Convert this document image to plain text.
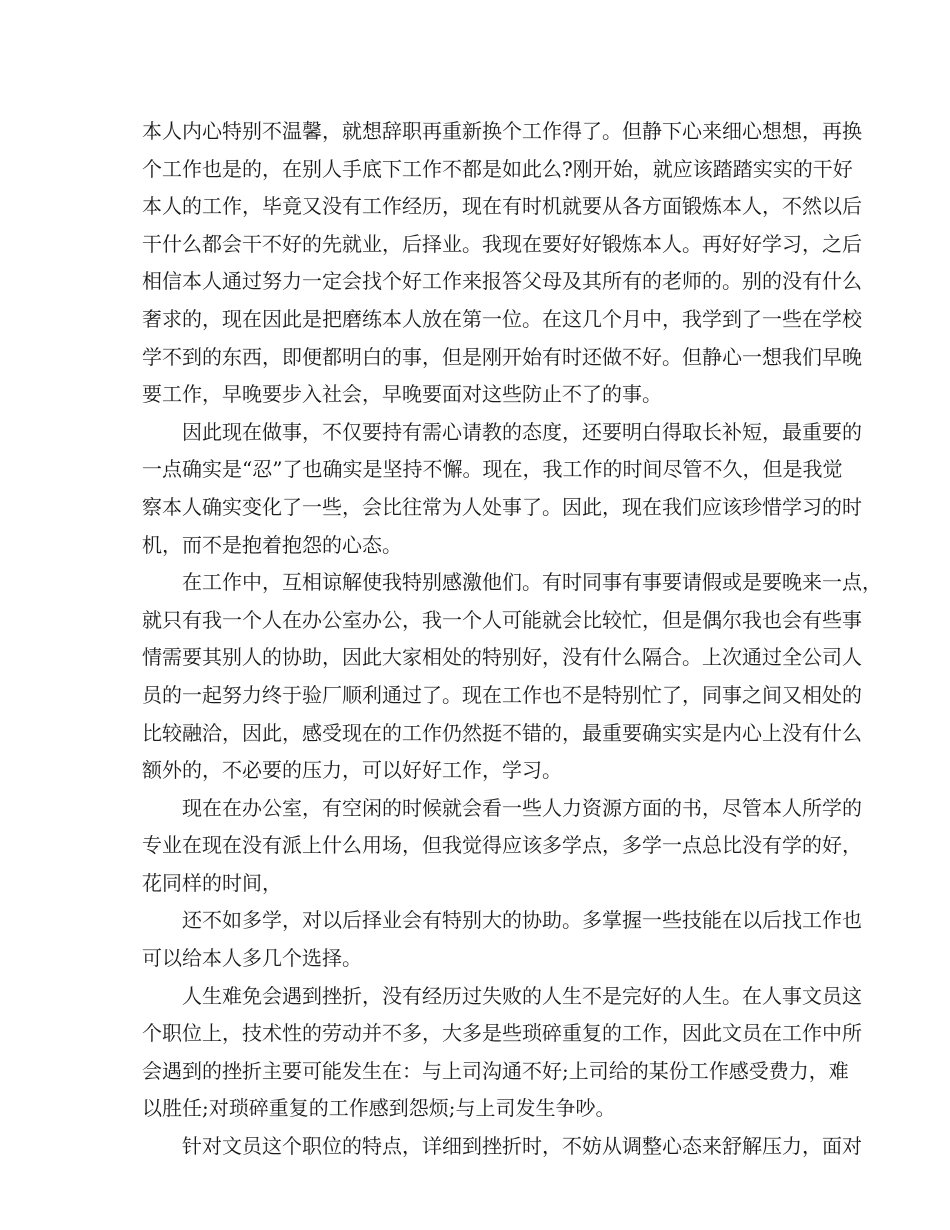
本人内心特别不温馨，就想辞职再重新换个工作得了。但静下心来细心想想，再换
个工作也是的，在别人手底下工作不都是如此么?刚开始，就应该踏踏实实的干好
本人的工作，毕竟又没有工作经历，现在有时机就要从各方面锻炼本人，不然以后
干什么都会干不好的先就业，后择业。我现在要好好锻炼本人。再好好学习，之后
相信本人通过努力一定会找个好工作来报答父母及其所有的老师的。别的没有什么
奢求的，现在因此是把磨练本人放在第一位。在这几个月中，我学到了一些在学校
学不到的东西，即便都明白的事，但是刚开始有时还做不好。但静心一想我们早晚
要工作，早晚要步入社会，早晚要面对这些防止不了的事。
因此现在做事，不仅要持有需心请教的态度，还要明白得取长补短，最重要的
一点确实是“忍”了也确实是坚持不懈。现在，我工作的时间尽管不久，但是我觉
察本人确实变化了一些，会比往常为人处事了。因此，现在我们应该珍惜学习的时
机，而不是抱着抱怨的心态。
在工作中，互相谅解使我特别感激他们。有时同事有事要请假或是要晚来一点，
就只有我一个人在办公室办公，我一个人可能就会比较忙，但是偶尔我也会有些事
情需要其别人的协助，因此大家相处的特别好，没有什么隔合。上次通过全公司人
员的一起努力终于验厂顺利通过了。现在工作也不是特别忙了，同事之间又相处的
比较融洽，因此，感受现在的工作仍然挺不错的，最重要确实实是内心上没有什么
额外的，不必要的压力，可以好好工作，学习。
现在在办公室，有空闲的时候就会看一些人力资源方面的书，尽管本人所学的
专业在现在没有派上什么用场，但我觉得应该多学点，多学一点总比没有学的好，
花同样的时间，
还不如多学，对以后择业会有特别大的协助。多掌握一些技能在以后找工作也
可以给本人多几个选择。
人生难免会遇到挫折，没有经历过失败的人生不是完好的人生。在人事文员这
个职位上，技术性的劳动并不多，大多是些琐碎重复的工作，因此文员在工作中所
会遇到的挫折主要可能发生在：与上司沟通不好;上司给的某份工作感受费力，难
以胜任;对琐碎重复的工作感到怨烦;与上司发生争吵。
针对文员这个职位的特点，详细到挫折时，不妨从调整心态来舒解压力，面对
